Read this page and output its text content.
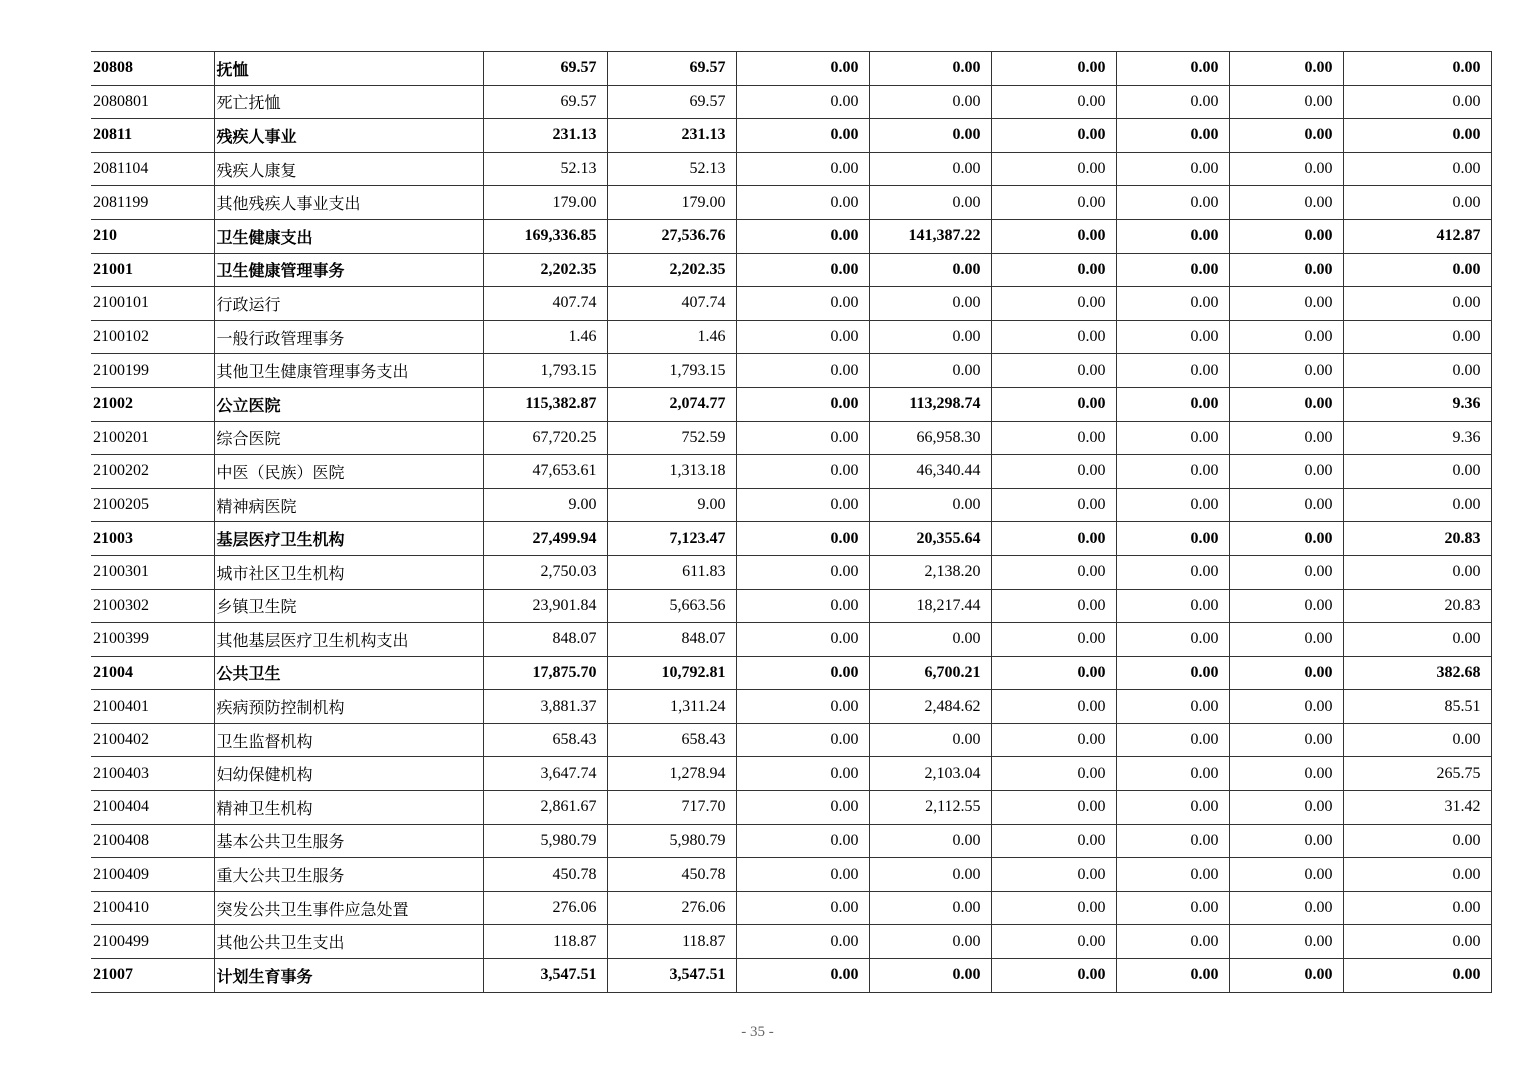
20808	抚恤	69.57	69.57	0.00	0.00	0.00	0.00	0.00	0.00
2080801	死亡抚恤	69.57	69.57	0.00	0.00	0.00	0.00	0.00	0.00
20811	残疾人事业	231.13	231.13	0.00	0.00	0.00	0.00	0.00	0.00
2081104	残疾人康复	52.13	52.13	0.00	0.00	0.00	0.00	0.00	0.00
2081199	其他残疾人事业支出	179.00	179.00	0.00	0.00	0.00	0.00	0.00	0.00
210	卫生健康支出	169,336.85	27,536.76	0.00	141,387.22	0.00	0.00	0.00	412.87
21001	卫生健康管理事务	2,202.35	2,202.35	0.00	0.00	0.00	0.00	0.00	0.00
2100101	行政运行	407.74	407.74	0.00	0.00	0.00	0.00	0.00	0.00
2100102	一般行政管理事务	1.46	1.46	0.00	0.00	0.00	0.00	0.00	0.00
2100199	其他卫生健康管理事务支出	1,793.15	1,793.15	0.00	0.00	0.00	0.00	0.00	0.00
21002	公立医院	115,382.87	2,074.77	0.00	113,298.74	0.00	0.00	0.00	9.36
2100201	综合医院	67,720.25	752.59	0.00	66,958.30	0.00	0.00	0.00	9.36
2100202	中医（民族）医院	47,653.61	1,313.18	0.00	46,340.44	0.00	0.00	0.00	0.00
2100205	精神病医院	9.00	9.00	0.00	0.00	0.00	0.00	0.00	0.00
21003	基层医疗卫生机构	27,499.94	7,123.47	0.00	20,355.64	0.00	0.00	0.00	20.83
2100301	城市社区卫生机构	2,750.03	611.83	0.00	2,138.20	0.00	0.00	0.00	0.00
2100302	乡镇卫生院	23,901.84	5,663.56	0.00	18,217.44	0.00	0.00	0.00	20.83
2100399	其他基层医疗卫生机构支出	848.07	848.07	0.00	0.00	0.00	0.00	0.00	0.00
21004	公共卫生	17,875.70	10,792.81	0.00	6,700.21	0.00	0.00	0.00	382.68
2100401	疾病预防控制机构	3,881.37	1,311.24	0.00	2,484.62	0.00	0.00	0.00	85.51
2100402	卫生监督机构	658.43	658.43	0.00	0.00	0.00	0.00	0.00	0.00
2100403	妇幼保健机构	3,647.74	1,278.94	0.00	2,103.04	0.00	0.00	0.00	265.75
2100404	精神卫生机构	2,861.67	717.70	0.00	2,112.55	0.00	0.00	0.00	31.42
2100408	基本公共卫生服务	5,980.79	5,980.79	0.00	0.00	0.00	0.00	0.00	0.00
2100409	重大公共卫生服务	450.78	450.78	0.00	0.00	0.00	0.00	0.00	0.00
2100410	突发公共卫生事件应急处置	276.06	276.06	0.00	0.00	0.00	0.00	0.00	0.00
2100499	其他公共卫生支出	118.87	118.87	0.00	0.00	0.00	0.00	0.00	0.00
21007	计划生育事务	3,547.51	3,547.51	0.00	0.00	0.00	0.00	0.00	0.00
- 35 -
